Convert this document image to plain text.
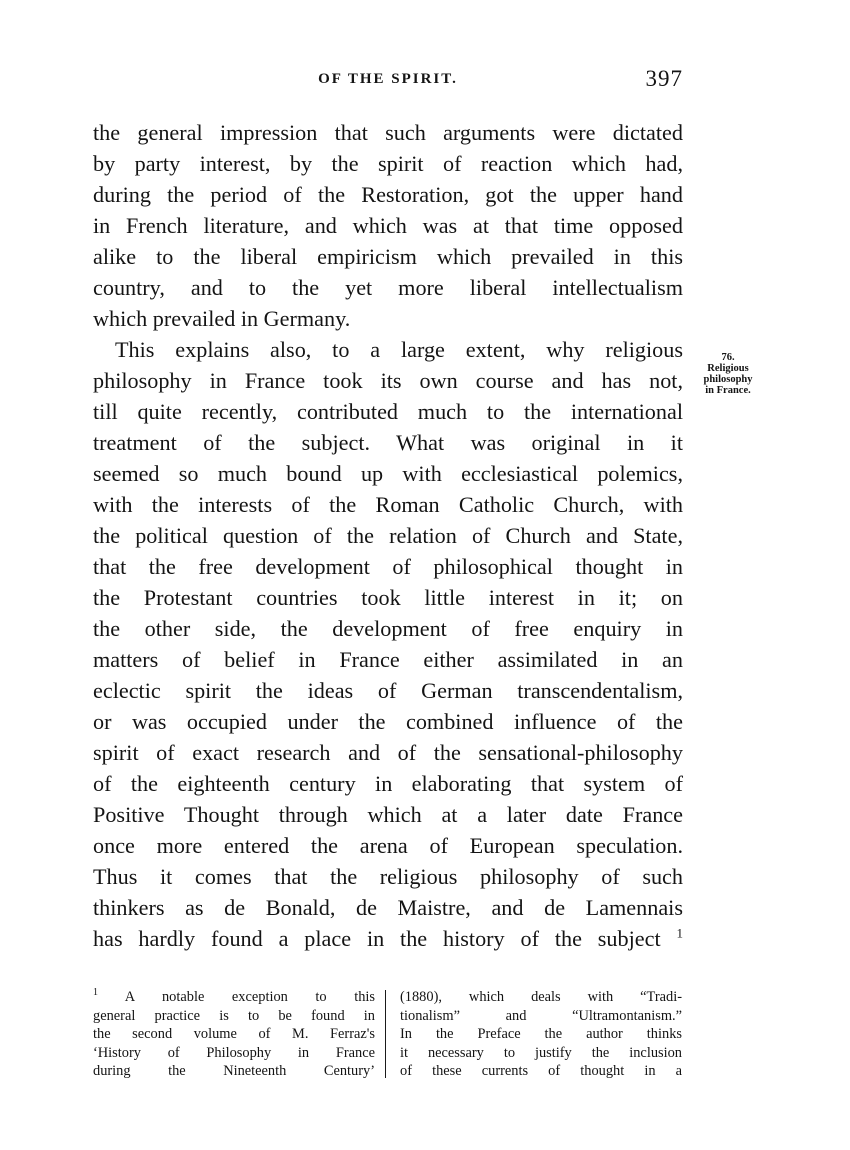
OF THE SPIRIT.	397
the general impression that such arguments were dictated
by party interest, by the spirit of reaction which had,
during the period of the Restoration, got the upper hand
in French literature, and which was at that time opposed
alike to the liberal empiricism which prevailed in this
country, and to the yet more liberal intellectualism
which prevailed in Germany.
This explains also, to a large extent, why religious
philosophy in France took its own course and has not,
till quite recently, contributed much to the international
treatment of the subject. What was original in it
seemed so much bound up with ecclesiastical polemics,
with the interests of the Roman Catholic Church, with
the political question of the relation of Church and State,
that the free development of philosophical thought in
the Protestant countries took little interest in it; on
the other side, the development of free enquiry in
matters of belief in France either assimilated in an
eclectic spirit the ideas of German transcendentalism,
or was occupied under the combined influence of the
spirit of exact research and of the sensational-philosophy
of the eighteenth century in elaborating that system of
Positive Thought through which at a later date France
once more entered the arena of European speculation.
Thus it comes that the religious philosophy of such
thinkers as de Bonald, de Maistre, and de Lamennais
has hardly found a place in the history of the subject $^1$
76.
Religious
philosophy
in France.
$^1$ A notable exception to this
general practice is to be found in
the second volume of M. Ferraz's
‘History of Philosophy in France
during the Nineteenth Century’
(1880), which deals with “Tradi-
tionalism” and “Ultramontanism.”
In the Preface the author thinks
it necessary to justify the inclusion
of these currents of thought in a
